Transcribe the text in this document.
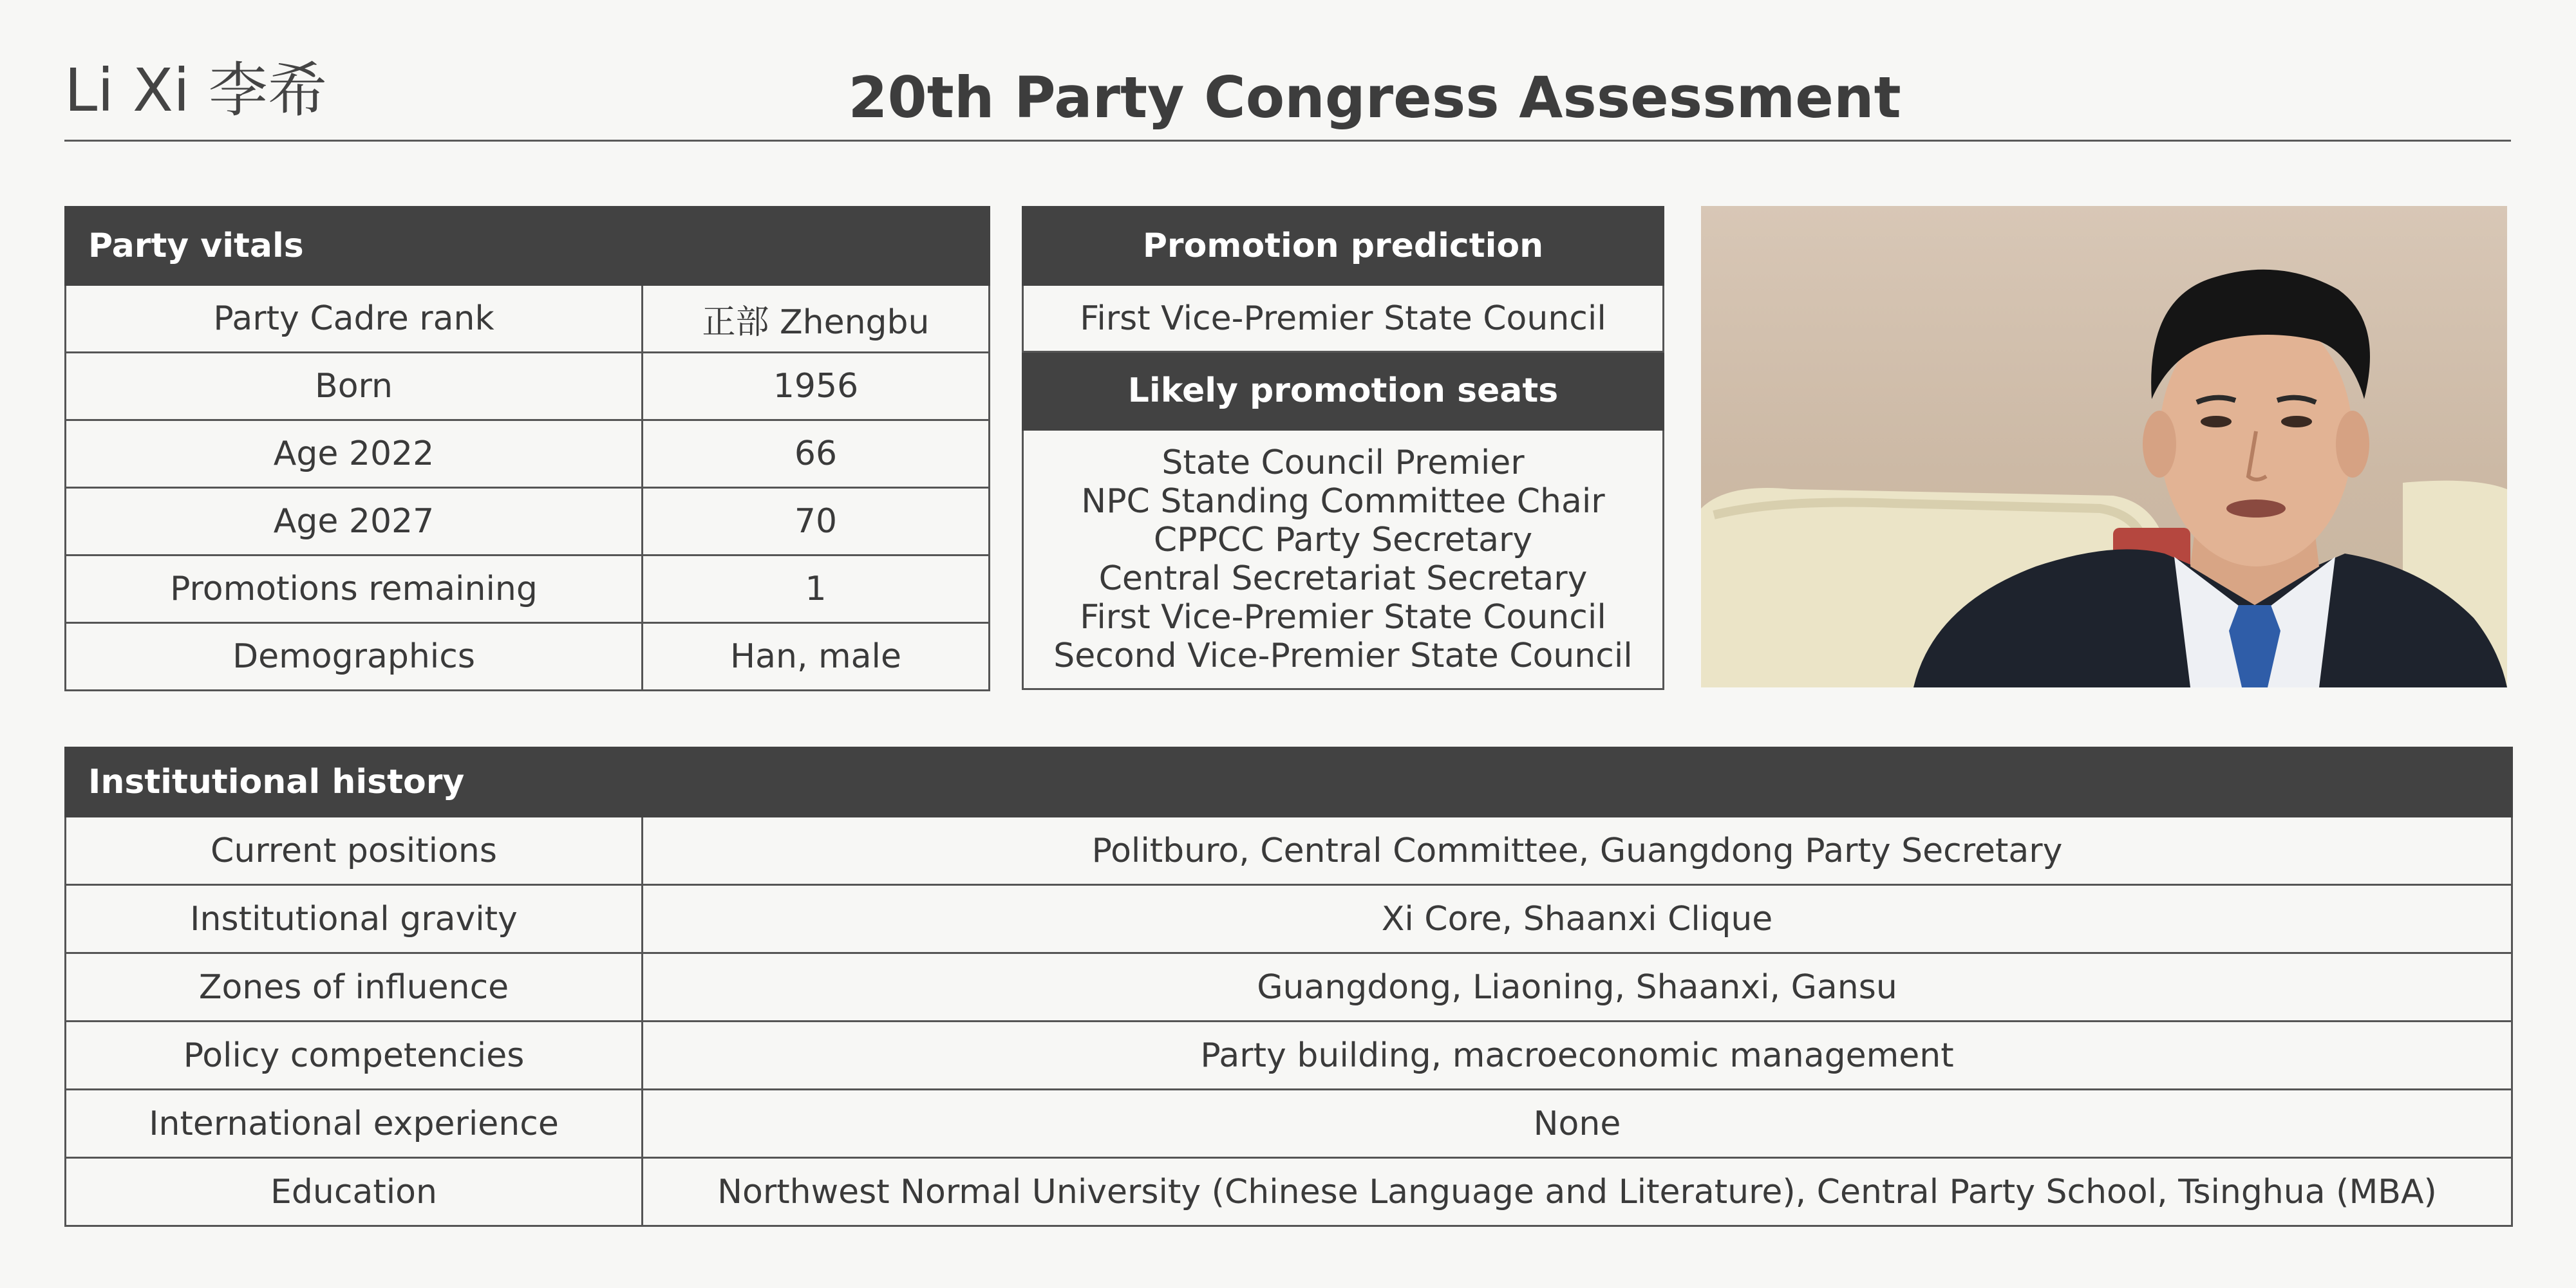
Li Xi 李希	20th Party Congress Assessment
Party vitals	
Party Cadre rank	正部 Zhengbu
Born	1956
Age 2022	66
Age 2027	70
Promotions remaining	1
Demographics	Han, male
Promotion prediction
First Vice-Premier State Council
Likely promotion seats

State Council Premier
NPC Standing Committee Chair
CPPCC Party Secretary
Central Secretariat Secretary
First Vice-Premier State Council
Second Vice-Premier State Council
Institutional history	
Current positions	Politburo, Central Committee, Guangdong Party Secretary
Institutional gravity	Xi Core, Shaanxi Clique
Zones of influence	Guangdong, Liaoning, Shaanxi, Gansu
Policy competencies	Party building, macroeconomic management
International experience	None
Education	Northwest Normal University (Chinese Language and Literature), Central Party School, Tsinghua (MBA)
